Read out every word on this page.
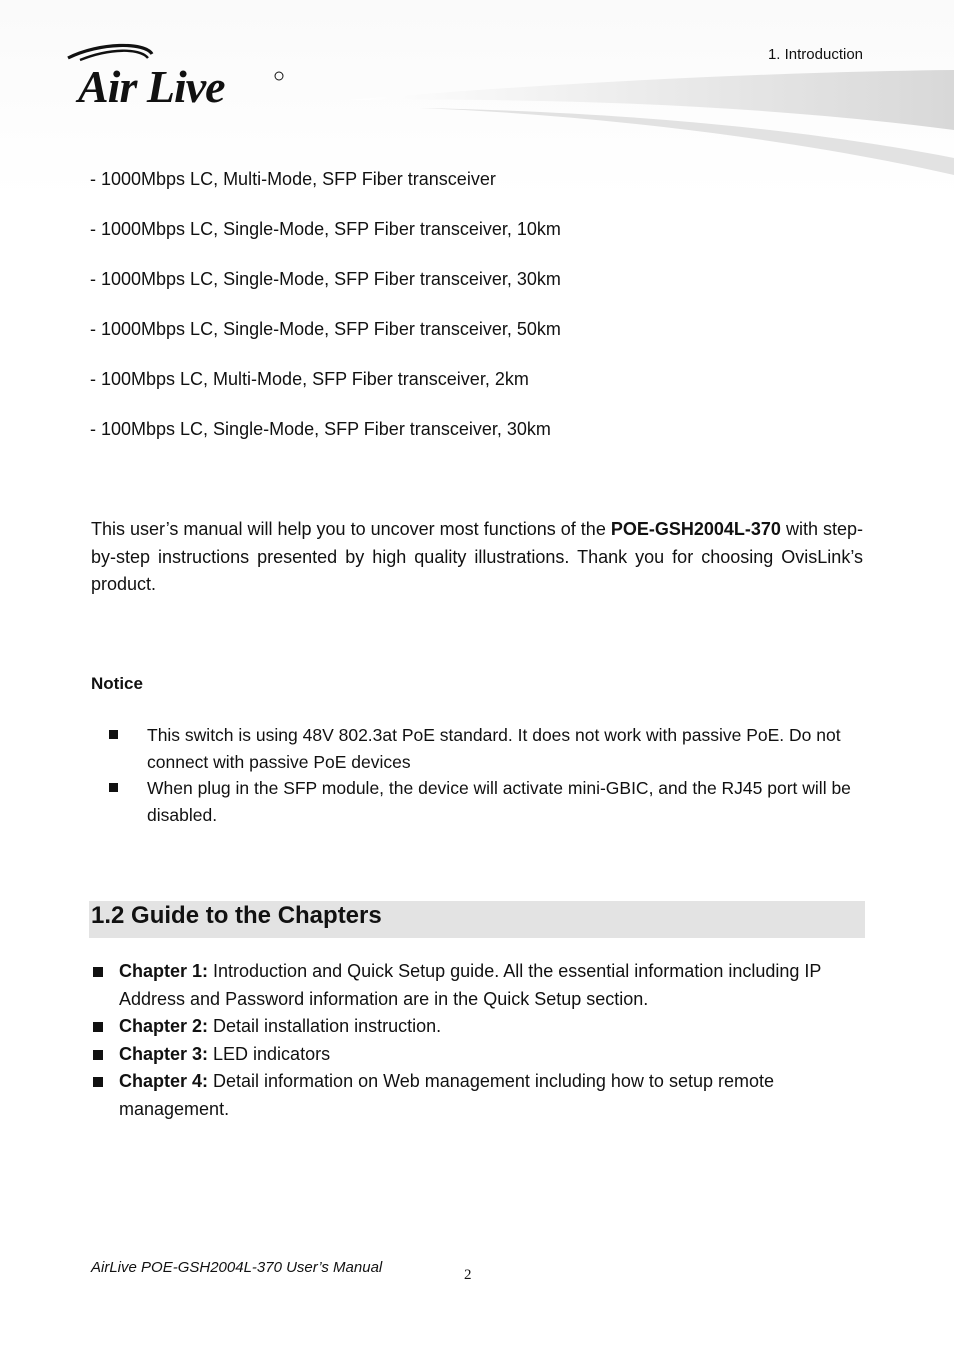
Air Live
1. Introduction
- 1000Mbps LC, Multi-Mode, SFP Fiber transceiver
- 1000Mbps LC, Single-Mode, SFP Fiber transceiver, 10km
- 1000Mbps LC, Single-Mode, SFP Fiber transceiver, 30km
- 1000Mbps LC, Single-Mode, SFP Fiber transceiver, 50km
- 100Mbps LC, Multi-Mode, SFP Fiber transceiver, 2km
- 100Mbps LC, Single-Mode, SFP Fiber transceiver, 30km
This user’s manual will help you to uncover most functions of the POE-GSH2004L-370 with step-by-step instructions presented by high quality illustrations. Thank you for choosing OvisLink’s product.
Notice
This switch is using 48V 802.3at PoE standard. It does not work with passive PoE. Do not connect with passive PoE devices
When plug in the SFP module, the device will activate mini-GBIC, and the RJ45 port will be disabled.
1.2 Guide to the Chapters
Chapter 1: Introduction and Quick Setup guide. All the essential information including IP Address and Password information are in the Quick Setup section.
Chapter 2: Detail installation instruction.
Chapter 3: LED indicators
Chapter 4: Detail information on Web management including how to setup remote management.
AirLive POE-GSH2004L-370 User’s Manual	2
